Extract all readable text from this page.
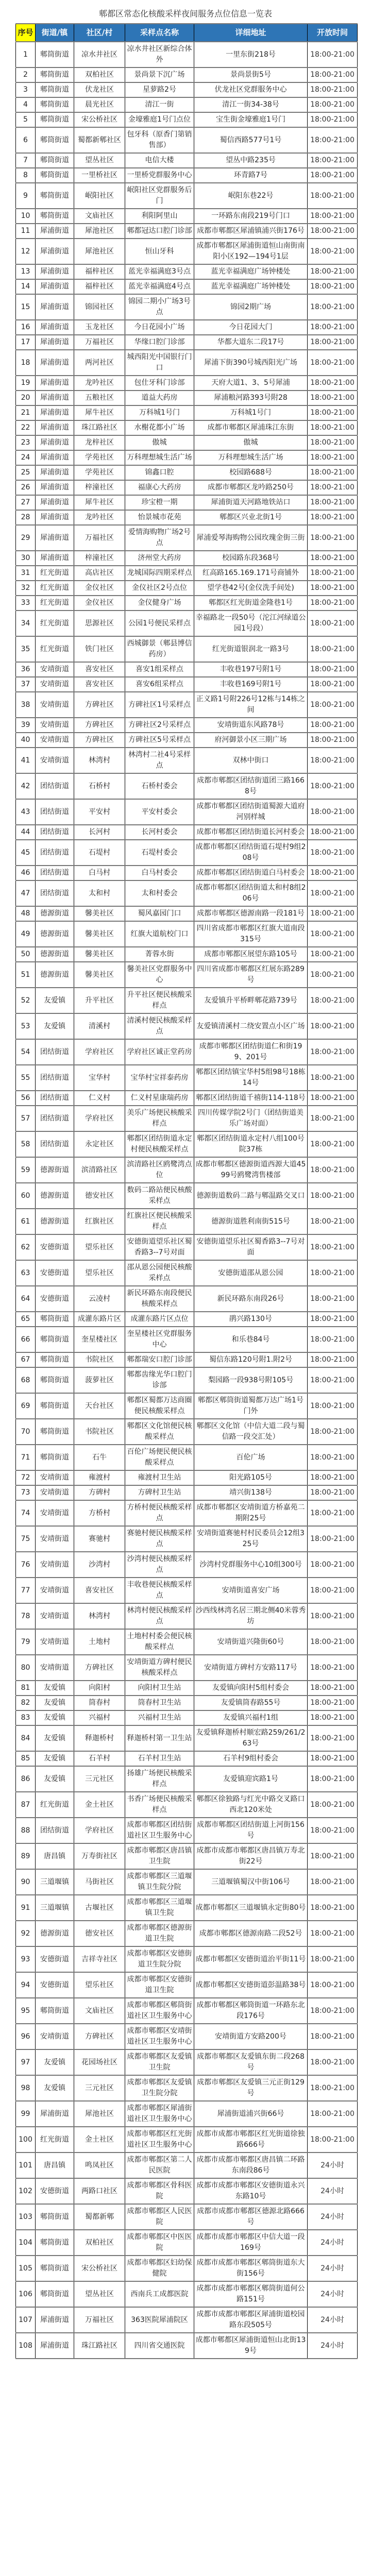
郫都区常态化核酸采样夜间服务点位信息一览表
序号	街道/镇	社区/村	采样点名称	详细地址	开放时间
1	郫筒街道	凉水井社区	凉水井社区新综合体外	一里东街218号	18:00-21:00
2	郫筒街道	双柏社区	景尚景下沉广场	景尚景街5号	18:00-21:00
3	郫筒街道	伏龙社区	星萝路2号	伏龙社区党群服务中心	18:00-21:00
4	郫筒街道	晨光社区	清江一街	清江一街34-38号	18:00-21:00
5	郫筒街道	宋公桥社区	金壕雅庭1号门点位	宝生街金壕雅庭1号门	18:00-21:00
6	郫筒街道	蜀都新郫社区	包牙科（原香门第销售部）	蜀信西路577号1号	18:00-21:00
7	郫筒街道	望丛社区	电信大楼	望丛中路235号	18:00-21:00
8	郫筒街道	一里桥社区	一里桥党群服务中心	环青路7号	18:00-21:00
9	郫筒街道	岷阳社区	岷阳社区党群服务后门	岷阳东巷22号	18:00-21:00
10	郫筒街道	文庙社区	利阳阿里山	一环路东南段219号门口	18:00-21:00
11	犀浦街道	犀池社区	郫都冠达口腔门诊部	成都市郫都区犀浦镇浦兴街176号	18:00-21:00
12	犀浦街道	犀池社区	恒山牙科	成都市郫都区犀浦街道恒山南街南阳小区192—194号1层	18:00-21:00
13	犀浦街道	福梓社区	蓝光幸福满庭3号点	蓝光幸福满庭广场钟楼处	18:00-21:00
14	犀浦街道	福梓社区	蓝光幸福满庭4号点	蓝光幸福满庭广场钟楼处	18:00-21:00
15	犀浦街道	锦园社区	锦园二期小广场3号点	锦园2期广场	18:00-21:00
16	犀浦街道	玉龙社区	今日花园小广场	今日花园大门	18:00-21:00
17	犀浦街道	万福社区	华缘口腔门诊部	华都大道东二段17号	18:00-21:00
18	犀浦街道	两河社区	城西阳光中国银行门口	犀浦下街390号城西阳光广场	18:00-21:00
19	犀浦街道	龙吟社区	包仕牙科门诊部	天府大道1、3、5号犀浦	18:00-21:00
20	犀浦街道	五粮社区	道益大药房	犀浦粮河路393号附28	18:00-21:00
21	犀浦街道	犀牛社区	万科城1号门	万科城1号门	18:00-21:00
22	犀浦街道	珠江路社区	水榭花都小广场	成都市郫都区犀浦珠江东街	18:00-21:00
23	犀浦街道	龙梓社区	傲城	傲城	18:00-21:00
24	犀浦街道	学苑社区	万科理想城生活广场	万科理想城生活广场	18:00-21:00
25	犀浦街道	学苑社区	锦鑫口腔	校园路688号	18:00-21:00
26	犀浦街道	梓潼社区	福康心大药房	成都市郫都区龙吟路250号	18:00-21:00
27	犀浦街道	犀牛社区	珍宝橙一期	犀浦街道天河路地铁站口	18:00-21:00
28	犀浦街道	龙吟社区	怡景城市花苑	郫都区兴业北街1号	18:00-21:00
29	犀浦街道	万福社区	爱情海购物广场2号点	犀浦爱琴海购物公园玫瑰金街三街	18:00-21:00
30	犀浦街道	梓潼社区	济州堂大药房	校园路东段368号	18:00-21:00
31	红光街道	高店社区	龙城国际四期采样点	红高路165.169.171号商铺外	18:00-21:00
32	红光街道	金仪社区	金仪社区2号点位	望学巷42号(金仪洗手间处)	18:00-21:00
33	红光街道	金仪社区	金仪健身广场	郫都区红光街道金隆巷1号	18:00-21:00
34	红光街道	思源社区	公园1号便民采样点	幸福路北一段50号（沱江河绿道公园1号段）	18:00-21:00
35	红光街道	铁门社区	西城御景（郫县博信药房）	红光街道银润北一路3号	18:00-21:00
36	安靖街道	喜安社区	喜安1组采样点	丰收巷197号附1号	18:00-21:00
37	安靖街道	喜安社区	喜安6组采样点	丰收巷169号附1号	18:00-21:00
38	安靖街道	方碑社区	方碑社区1号采样点	正义路1号附226号12栋与14栋之间	18:00-21:00
39	安靖街道	方碑社区	方碑社区2号采样点	安靖街道东风路78号	18:00-21:00
40	安靖街道	方碑社区	方碑社区5号采样点	府河御景小区三期广场	18:00-21:00
41	安靖街道	林湾村	林湾村二社4号采样点	双林中街口	18:00-21:00
42	团结街道	石桥村	石桥村委会	成都市郫都区团结街道团三路1668号	18:00-21:00
43	团结街道	平安村	平安村委会	成都市郫都区团结街道蜀源大道府河别样城	18:00-21:00
44	团结街道	长河村	长河村委会	成都市郫都区团结街道长河村委会	18:00-21:00
45	团结街道	石堤村	石堤村委会	成都市郫都区团结街道石堤村9组208号	18:00-21:00
46	团结街道	白马村	白马村委会	成都市郫都区团结街道白马村委会	18:00-21:00
47	团结街道	太和村	太和村委会	成都市郫都区团结街道太和村8组206号	18:00-21:00
48	德源街道	馨美社区	蜀风嘉园门口	成都市郫都区德源南路一段181号	18:00-21:00
49	德源街道	馨美社区	红旗大道航校门口	四川省成都市郫都区红旗大道南段315号	18:00-21:00
50	德源街道	馨美社区	菁蓉水街	成都市郫都区展望东路105号	18:00-21:00
51	德源街道	馨美社区	馨美社区党群服务中心	四川省成都市郫都区红展东路289号	18:00-21:00
52	友爱镇	升平社区	升平社区便民核酸采样点	友爱镇升平桥畔郫花路739号	18:00-21:00
53	友爱镇	清溪村	清溪村便民核酸采样点	友爱镇清溪村二绕安置点小区广场	18:00-21:00
54	团结街道	学府社区	学府社区诚正堂药房	成都市郫都区团结街道仁和街199、201号	18:00-21:00
55	团结街道	宝华村	宝华村宝祥泰药房	郫都区团结镇宝华村5组98号18栋14号	18:00-21:00
56	团结街道	仁义村	仁义村星康瑞药房	郫都区团结街道千禧街114-118号	18:00-21:00
57	团结街道	学府社区	美乐广场便民核酸采样点	四川传媒学院2号门（团结街道美乐广场对面）	18:00-21:00
58	团结街道	永定社区	郫都区团结街道永定村便民核酸采样点	郫都区团结街道永定村八组100号院37栋	18:00-21:00
59	德源街道	滨清路社区	滨清路社区鸥鹭湾点位	成都市郫都区德源街道西源大道4599号鸥鹭湾售楼部	18:00-21:00
60	德源街道	德安社区	数码二路站便民核酸采样点	德源街道数码二路与郫温路交叉口	18:00-21:00
61	德源街道	红旗社区	红旗社区便民核酸采样点	德源街道胜利南街515号	18:00-21:00
62	安德街道	望乐社区	安德街道望乐社区蜀香路3--7号对面	安德街道望乐社区蜀香路3--7号对面	18:00-21:00
63	安德街道	望乐社区	邵从恩公园便民核酸采样点	安德街道邵从恩公园	18:00-21:00
64	安德街道	云凌村	新民环路东南段便民核酸采样点	新民环路东南段26号	18:00-21:00
65	郫筒街道	成灌东路片区	成灌东路片区点位	鹃兴路130号	18:00-21:00
66	郫筒街道	奎星楼社区	奎星楼社区党群服务中心	和乐巷84号	18:00-21:00
67	郫筒街道	书院社区	郫都瑞安口腔门诊部	蜀信东路120号附1.附2号	18:00-21:00
68	郫筒街道	菠萝社区	郫都齿缘光华口腔门诊部	梨园路一段938号附105号	18:00-21:00
69	郫筒街道	天台社区	郫都区蜀都万达商圈便民核酸采样点	郫都区郫筒街道蜀都万达广场1号门外	18:00-21:00
70	郫筒街道	书院社区	郫都区文化馆便民核酸采样点	郫都区文化馆（中信大道二段与蜀信路一段交汇处）	18:00-21:00
71	郫筒街道	石牛	百伦广场便民便民核酸采样点	百伦广场	18:00-21:00
72	安靖街道	雍渡村	雍渡村卫生站	阳光路105号	18:00-21:00
73	安靖街道	方碑村	方碑村卫生站	靖兴街138号	18:00-21:00
74	安靖街道	方桥村	方桥村便民核酸采样点	成都市郫都区安靖街道方桥嘉苑二期附25号	18:00-21:00
75	安靖街道	赛驰村	赛驰村便民核酸采样点	安靖街道赛驰村村民委员会12组325号	18:00-21:00
76	安靖街道	沙湾村	沙湾村便民核酸采样点	沙湾村党群服务中心10组300号	18:00-21:00
77	安靖街道	喜安社区	丰收巷便民核酸采样点	安靖街道喜安广场	18:00-21:00
78	安靖街道	林湾村	林湾村便民核酸采样点	沙西线林湾名居三期北侧40米蓉秀坊	18:00-21:00
79	安靖街道	土地村	土地村村委会便民核酸采样点	安靖街道兴隆街60号	18:00-21:00
80	安靖街道	方碑社区	安靖街道方碑村便民核酸采样点	安靖街道方碑村方安路117号	18:00-21:00
81	友爱镇	向阳村	向阳村卫生站	友爱镇向阳村5组村委会	18:00-21:00
82	友爱镇	筒春村	筒春村卫生站	友爱镇筒春路55号	18:00-21:00
83	友爱镇	兴福村	兴福村卫生站	友爱镇兴福村1组	18:00-21:00
84	友爱镇	释迦桥村	释迦桥村第一卫生站	友爱镇释迦桥村顺宏路259/261/263号	18:00-21:00
85	友爱镇	石羊村	石羊村卫生站	石羊村9组村委会	18:00-21:00
86	友爱镇	三元社区	扬雄广场便民核酸采样点	友爱镇迎宾路1号	18:00-21:00
87	红光街道	金土社区	书香广场便民核酸采样点	郫都区徐独路与红光中路交叉路口西北120米处	18:00-21:00
88	团结街道	学府社区	成都市郫都区团结街道社区卫生服务中心	成都市郫都区团结街道上河街156号	18:00-21:00
89	唐昌镇	万寿街社区	成都市郫都区唐昌镇卫生院	成都市成都市郫都区唐昌镇万寿北街22号	18:00-21:00
90	三道堰镇	马街社区	成都市郫都区三道堰镇卫生院分院	三道堰镇蜀汉中街106号	18:00-21:00
91	三道堰镇	古堰社区	成都市郫都区三道堰镇卫生院	成都市郫都区三道堰镇永定街80号	18:00-21:00
92	德源街道	德安社区	成都市郫都区德源街道卫生院	成都市郫都区德源南路二段52号	18:00-21:00
93	安德街道	吉祥寺社区	成都市郫都区安德街道卫生院分院	成都市郫都区安德街道治平街11号	18:00-21:00
94	安德街道	望乐社区	成都市郫都区安德街道卫生院	成都市郫都区安德街道彭温路38号	18:00-21:00
95	郫筒街道	文庙社区	成都市郫都区郫筒街道社区卫生服务中心	成都市郫都区郫筒街道一环路东北段176号	18:00-21:00
96	安靖街道	方碑社区	成都市郫都区安靖街道社区卫生服务中心	安靖街道方安路200号	18:00-21:00
97	友爱镇	花园场社区	成都市郫都区友爱镇卫生院	成都市郫都区友爱镇东街二段268号	18:00-21:00
98	友爱镇	三元社区	成都市郫都区友爱镇卫生院分院	成都市郫都区友爱镇三元正街129号	18:00-21:00
99	犀浦街道	犀池社区	成都市郫都区犀浦街道社区卫生服务中心	犀浦街道浦兴街66号	18:00-21:00
100	红光街道	金土社区	成都市郫都区红光街道社区卫生服务中心	成都市成都市郫都区红光街道徐独路666号	18:00-21:00
101	唐昌镇	鸣凤社区	成都市郫都区第二人民医院	成都市成都市郫都区唐昌镇二环路东南段86号	24小时
102	安德街道	两路口社区	成都市郫都区骨科医院	成都市成都市郫都区安德街道永兴东路10号	24小时
103	郫筒街道	蜀都新郫	成都市郫都区人民医院	成都市成都市郫都区德源北路666号	24小时
104	郫筒街道	双柏社区	成都市郫都区中医医院	成都市成都市郫都区中信大道一段169号	24小时
105	郫筒街道	宋公桥社区	成都市郫都区妇幼保健院	成都市成都市郫都区郫筒街道东大街156号	24小时
106	郫筒街道	望丛社区	西南兵工成都医院	成都市成都市郫都区郫筒街道何公路151号	24小时
107	犀浦街道	万福社区	363医院犀浦院区	成都市成都市郫都区犀浦街道校园路东段505号	24小时
108	犀浦街道	珠江路社区	四川省交通医院	成都市郫都区犀浦街道恒山北街139号	24小时
